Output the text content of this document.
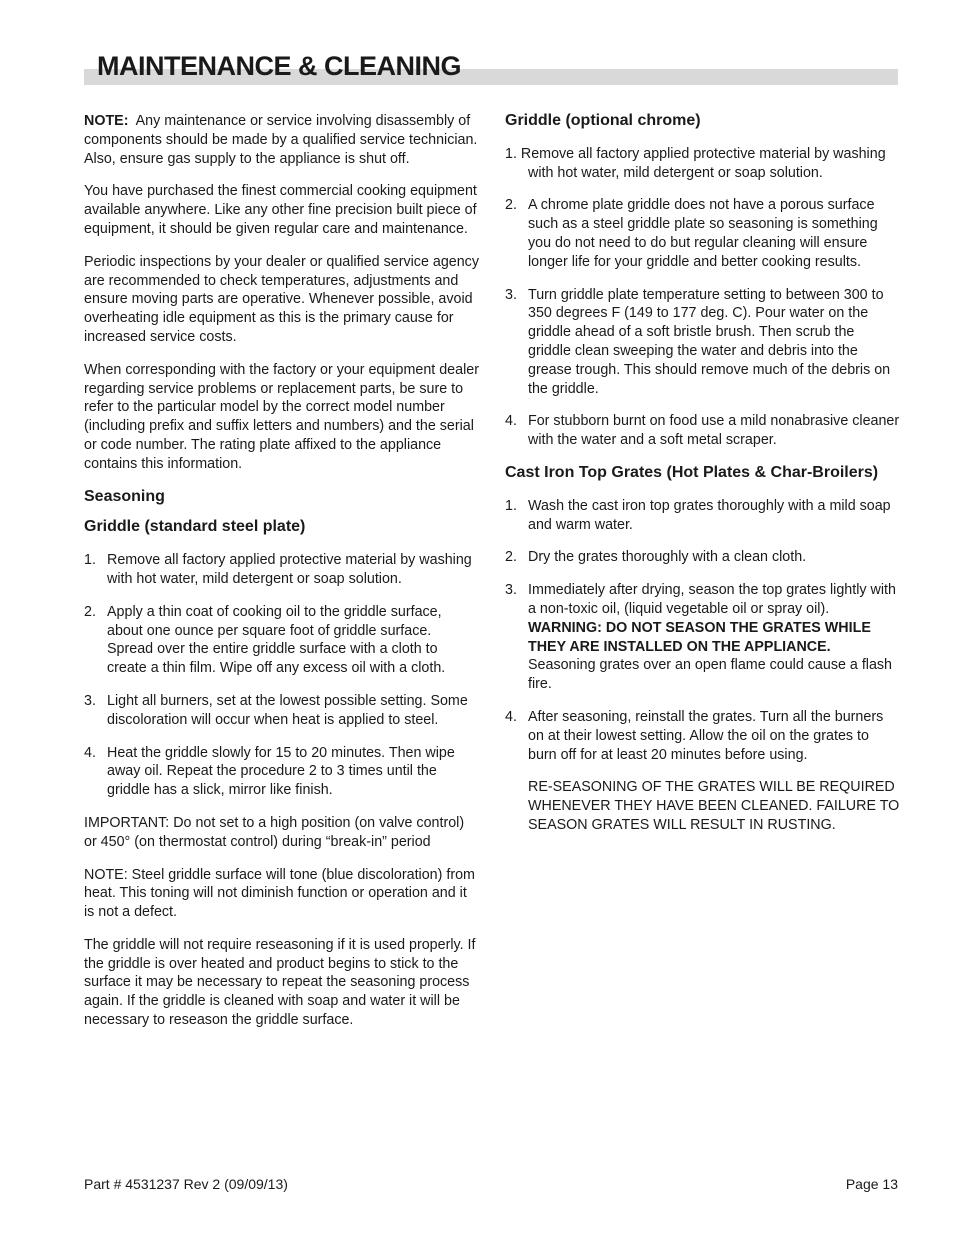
MAINTENANCE & CLEANING

NOTE: Any maintenance or service involving disassembly of components should be made by a qualified service technician. Also, ensure gas supply to the appliance is shut off.

You have purchased the finest commercial cooking equipment available anywhere. Like any other fine precision built piece of equipment, it should be given regular care and maintenance.

Periodic inspections by your dealer or qualified service agency are recommended to check temperatures, adjustments and ensure moving parts are operative. Whenever possible, avoid overheating idle equipment as this is the primary cause for increased service costs.

When corresponding with the factory or your equipment dealer regarding service problems or replacement parts, be sure to refer to the particular model by the correct model number (including prefix and suffix letters and numbers) and the serial or code number. The rating plate affixed to the appliance contains this information.

Seasoning
Griddle (standard steel plate)
1. Remove all factory applied protective material by washing with hot water, mild detergent or soap solution.
2. Apply a thin coat of cooking oil to the griddle surface, about one ounce per square foot of griddle surface. Spread over the entire griddle surface with a cloth to create a thin film. Wipe off any excess oil with a cloth.
3. Light all burners, set at the lowest possible setting. Some discoloration will occur when heat is applied to steel.
4. Heat the griddle slowly for 15 to 20 minutes. Then wipe away oil. Repeat the procedure 2 to 3 times until the griddle has a slick, mirror like finish.

IMPORTANT: Do not set to a high position (on valve control) or 450° (on thermostat control) during “break-in” period

NOTE: Steel griddle surface will tone (blue discoloration) from heat. This toning will not diminish function or operation and it is not a defect.

The griddle will not require reseasoning if it is used properly. If the griddle is over heated and product begins to stick to the surface it may be necessary to repeat the seasoning process again. If the griddle is cleaned with soap and water it will be necessary to reseason the griddle surface.

Griddle (optional chrome)

1. Remove all factory applied protective material by washing with hot water, mild detergent or soap solution.

2. A chrome plate griddle does not have a porous surface such as a steel griddle plate so seasoning is something you do not need to do but regular cleaning will ensure longer life for your griddle and better cooking results.
3. Turn griddle plate temperature setting to between 300 to 350 degrees F (149 to 177 deg. C). Pour water on the griddle ahead of a soft bristle brush. Then scrub the griddle clean sweeping the water and debris into the grease trough. This should remove much of the debris on the griddle.
4. For stubborn burnt on food use a mild nonabrasive cleaner with the water and a soft metal scraper.
Cast Iron Top Grates (Hot Plates & Char-Broilers)
1. Wash the cast iron top grates thoroughly with a mild soap and warm water.
2. Dry the grates thoroughly with a clean cloth.
3. Immediately after drying, season the top grates lightly with a non-toxic oil, (liquid vegetable oil or spray oil). WARNING: DO NOT SEASON THE GRATES WHILE THEY ARE INSTALLED ON THE APPLIANCE. Seasoning grates over an open flame could cause a flash fire.
4. After seasoning, reinstall the grates. Turn all the burners on at their lowest setting. Allow the oil on the grates to burn off for at least 20 minutes before using.

RE-SEASONING OF THE GRATES WILL BE REQUIRED WHENEVER THEY HAVE BEEN CLEANED. FAILURE TO SEASON GRATES WILL RESULT IN RUSTING.

Part # 4531237 Rev 2 (09/09/13)	Page 13
